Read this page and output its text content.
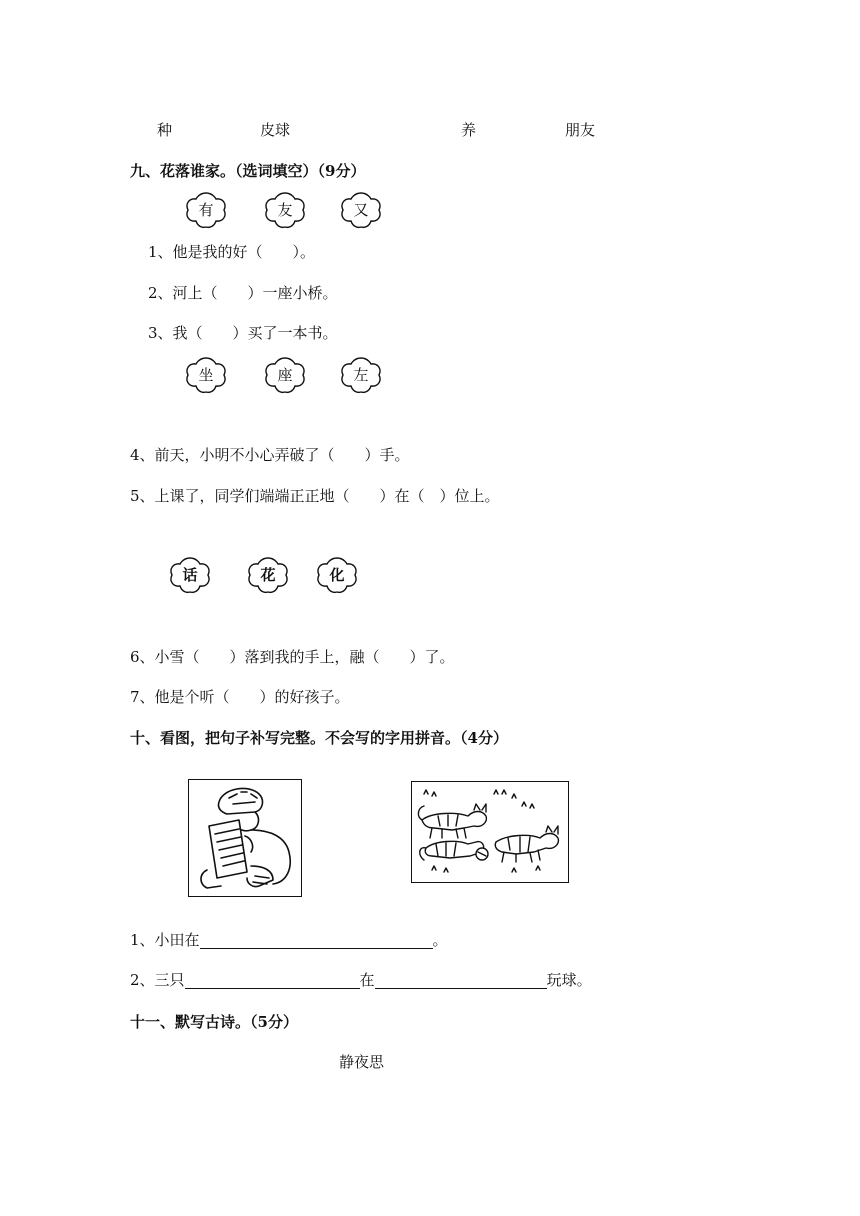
种	皮球	养	朋友
九、花落谁家。（选词填空）（9分）
有	友	又
1、他是我的好（　　）。
2、河上（　　）一座小桥。
3、我（　　）买了一本书。
坐	座	左
4、前天，小明不小心弄破了（　　）手。
5、上课了，同学们端端正正地（　　）在（　）位上。
话	花	化
6、小雪（　　）落到我的手上，融（　　）了。
7、他是个听（　　）的好孩子。
十、看图，把句子补写完整。不会写的字用拼音。（4分）
1、小田在	。
2、三只	在	玩球。
十一、默写古诗。（5分）
静夜思
